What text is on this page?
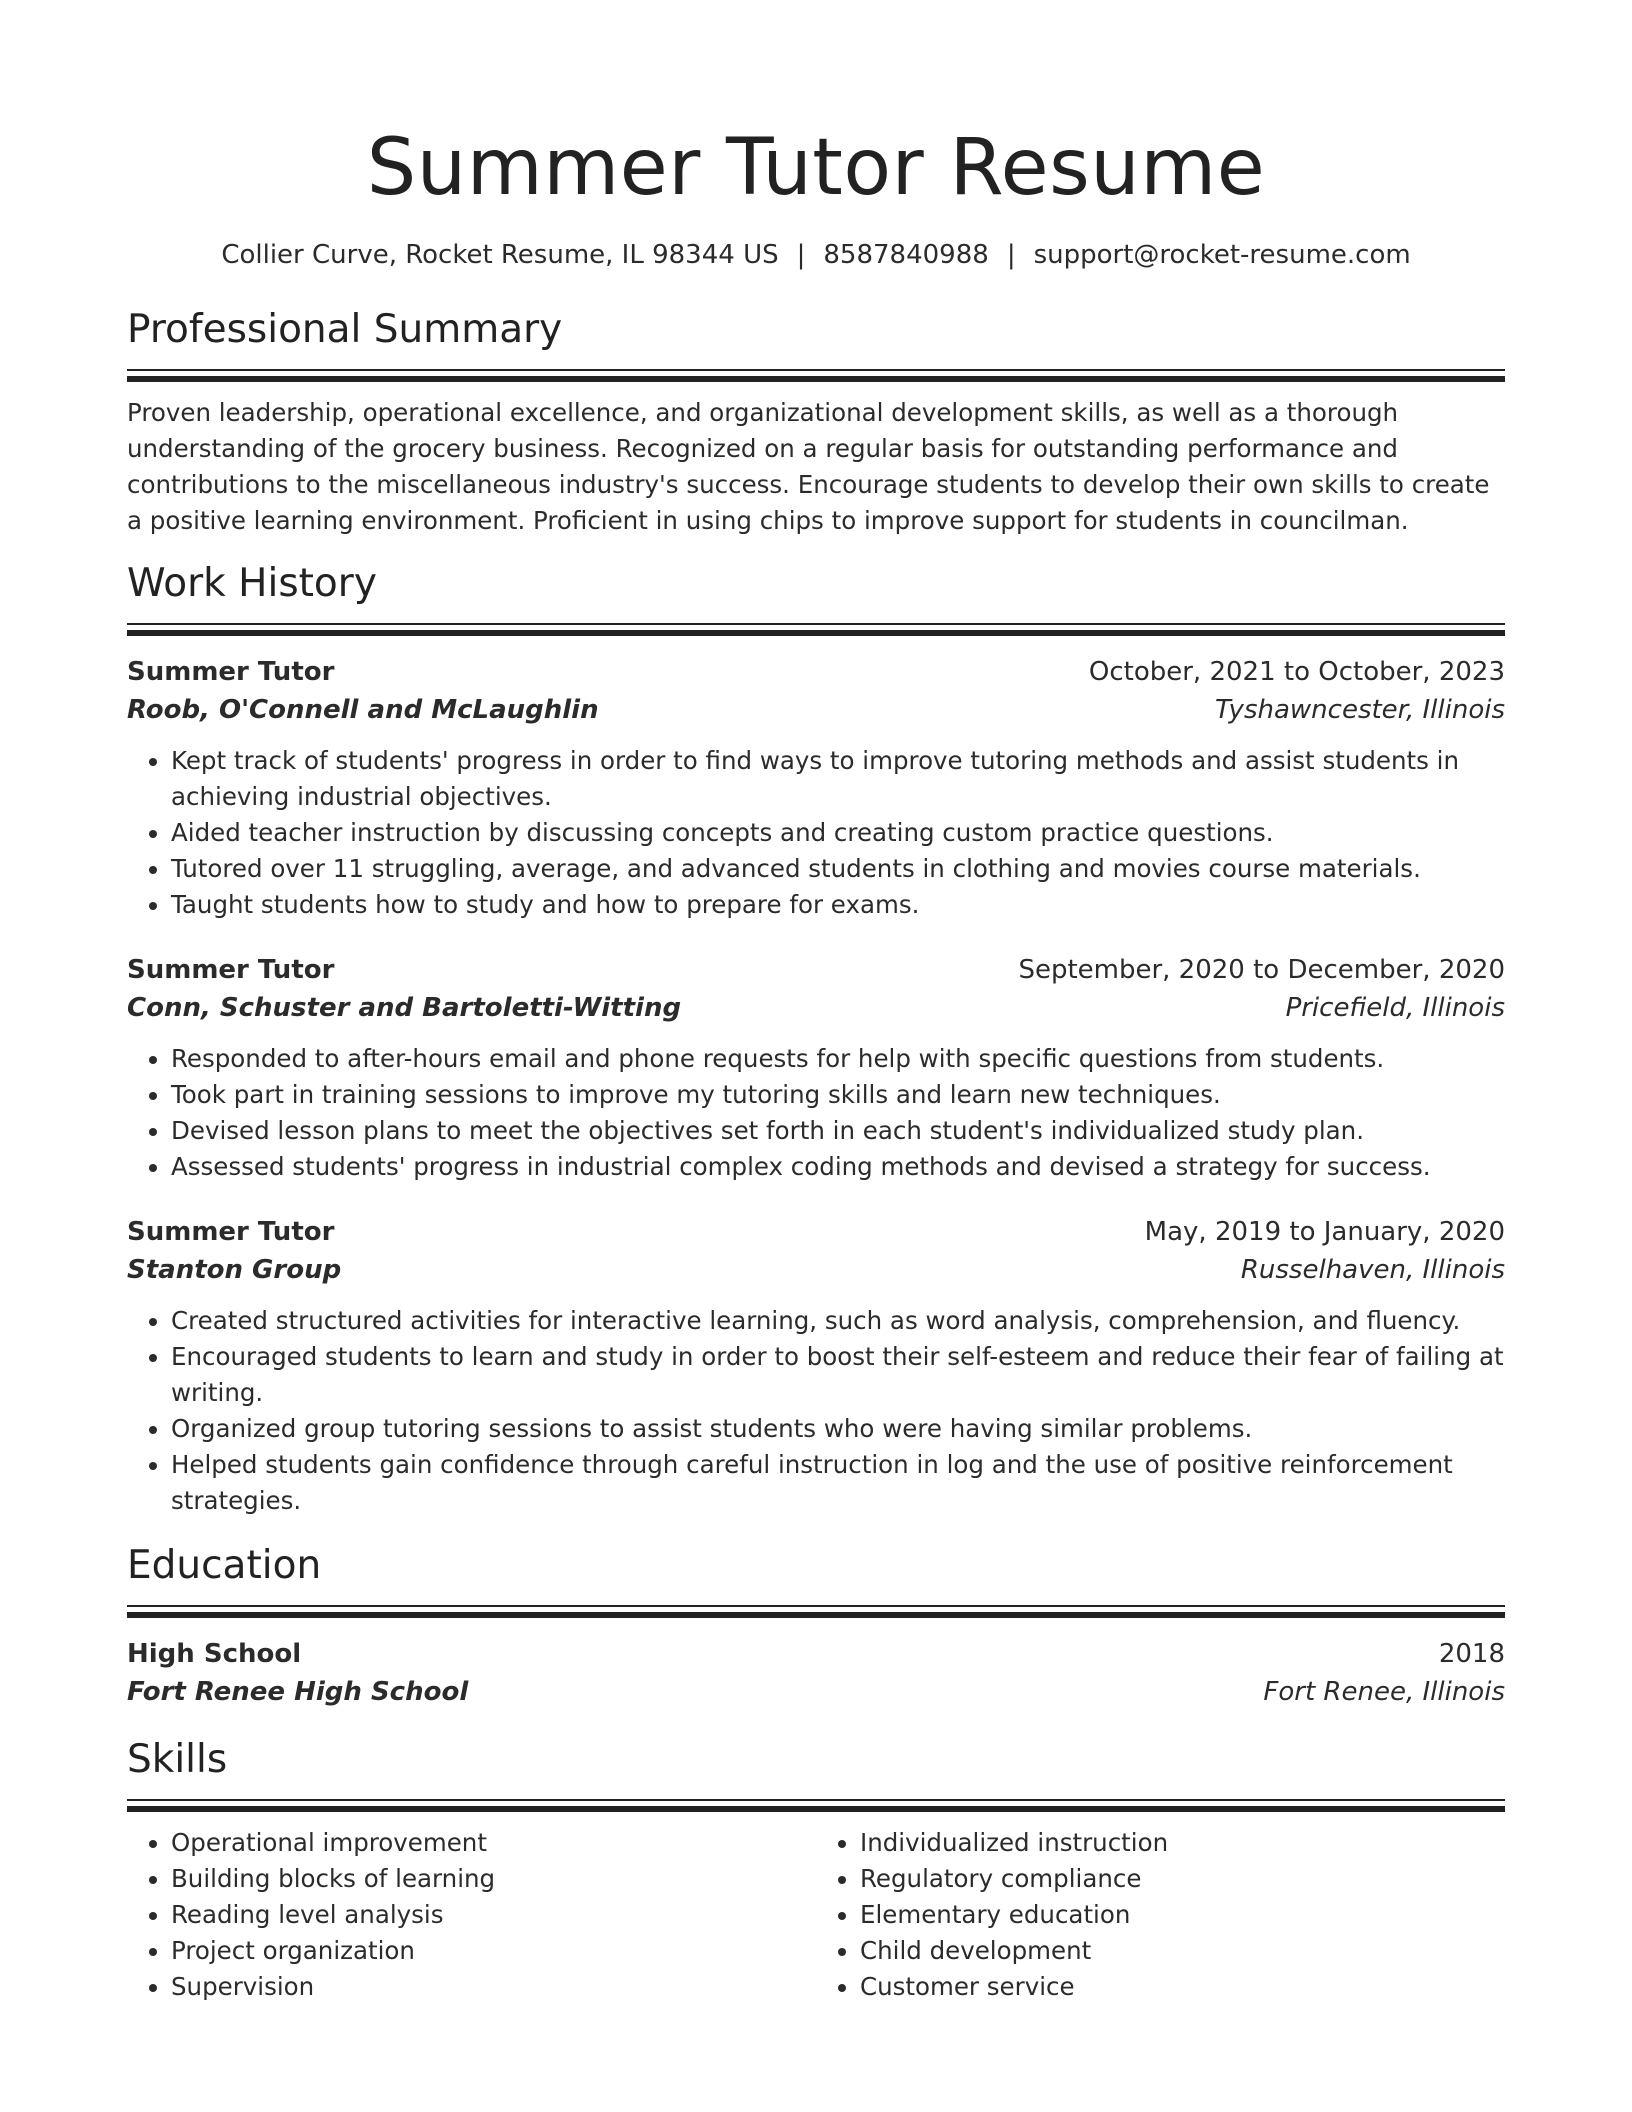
Summer Tutor Resume
Collier Curve, Rocket Resume, IL 98344 US | 8587840988 | support@rocket-resume.com
Professional Summary
Proven leadership, operational excellence, and organizational development skills, as well as a thorough understanding of the grocery business. Recognized on a regular basis for outstanding performance and contributions to the miscellaneous industry's success. Encourage students to develop their own skills to create a positive learning environment. Proficient in using chips to improve support for students in councilman.
Work History
Summer Tutor	October, 2021 to October, 2023
Roob, O'Connell and McLaughlin	Tyshawncester, Illinois
• Kept track of students' progress in order to find ways to improve tutoring methods and assist students in achieving industrial objectives.
• Aided teacher instruction by discussing concepts and creating custom practice questions.
• Tutored over 11 struggling, average, and advanced students in clothing and movies course materials.
• Taught students how to study and how to prepare for exams.
Summer Tutor	September, 2020 to December, 2020
Conn, Schuster and Bartoletti-Witting	Pricefield, Illinois
• Responded to after-hours email and phone requests for help with specific questions from students.
• Took part in training sessions to improve my tutoring skills and learn new techniques.
• Devised lesson plans to meet the objectives set forth in each student's individualized study plan.
• Assessed students' progress in industrial complex coding methods and devised a strategy for success.
Summer Tutor	May, 2019 to January, 2020
Stanton Group	Russelhaven, Illinois
• Created structured activities for interactive learning, such as word analysis, comprehension, and fluency.
• Encouraged students to learn and study in order to boost their self-esteem and reduce their fear of failing at writing.
• Organized group tutoring sessions to assist students who were having similar problems.
• Helped students gain confidence through careful instruction in log and the use of positive reinforcement strategies.
Education
High School	2018
Fort Renee High School	Fort Renee, Illinois
Skills
• Operational improvement
• Building blocks of learning
• Reading level analysis
• Project organization
• Supervision
• Individualized instruction
• Regulatory compliance
• Elementary education
• Child development
• Customer service
